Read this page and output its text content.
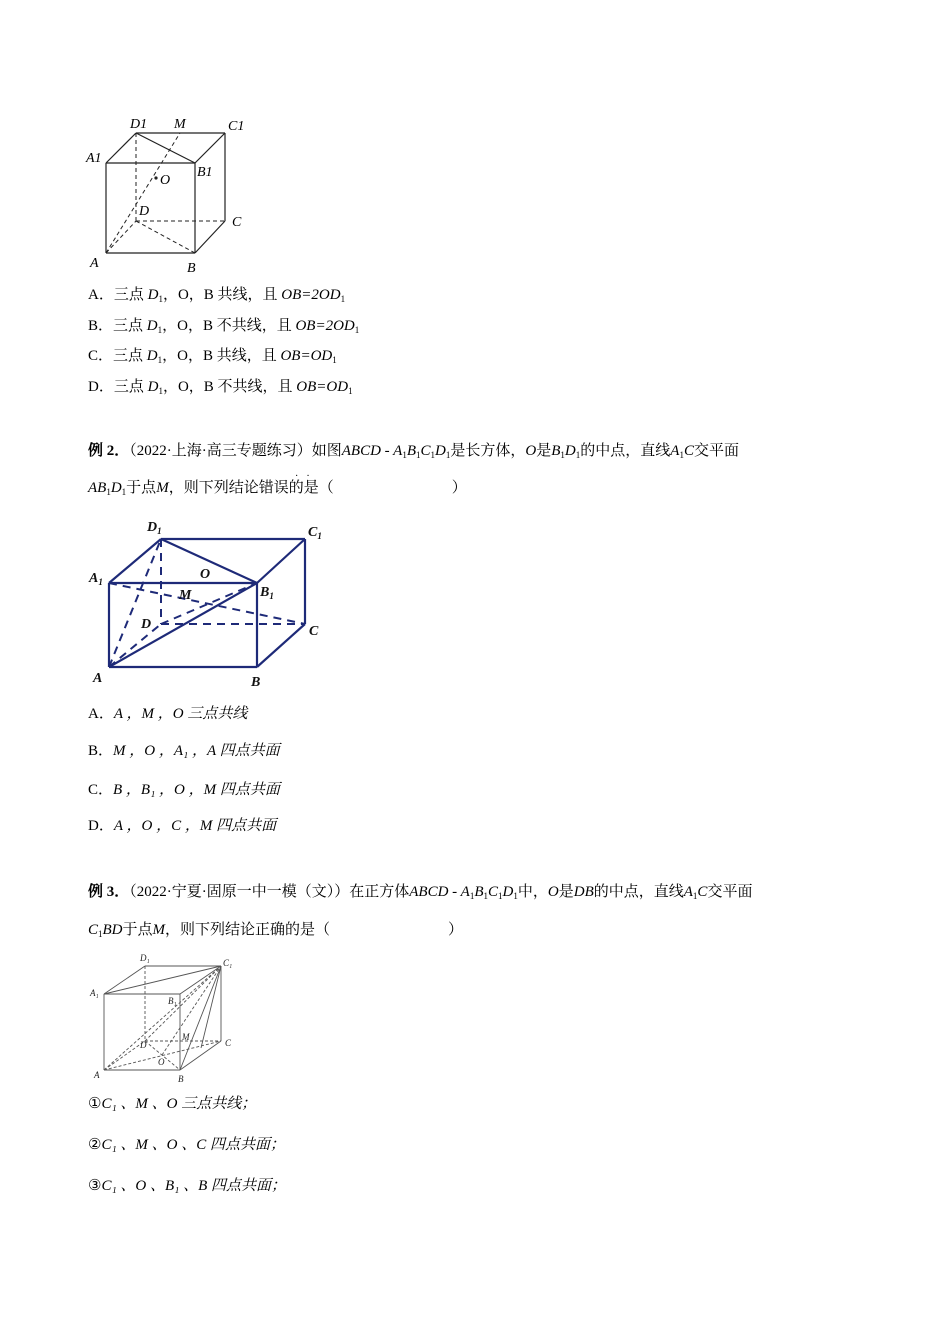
D1 M	C1
A1
B1
O
D
C
A	B
A．三点 $D_1$，O，B 共线，且 $OB=2OD_1$
B．三点 $D_1$，O，B 不共线，且 $OB=2OD_1$
C．三点 $D_1$，O，B 共线，且 $OB=OD_1$
D．三点 $D_1$，O，B 不共线，且 $OB=OD_1$
例 2．（2022·上海·高三专题练习）如图ABCD - $A_1B_1C_1D_1$是长方体，O是$B_1D_1$的中点，直线$A_1C$交平面
$AB_1D_1$于点M，则下列结论错误的是（	）
··
$D_1$	$C_1$
$A_1$
$B_1$
O
M
D	C
A	B
A．A ，M ，O 三点共线
B．M ，O ，A₁ ，A 四点共面
C．B ，B₁ ，O ，M 四点共面
D．A ，O ，C ，M 四点共面
例 3．（2022·宁夏·固原一中一模（文））在正方体ABCD - $A_1B_1C_1D_1$中，O是DB的中点，直线$A_1C$交平面
$C_1BD$于点M，则下列结论正确的是（	）
D₁	C₁
A₁
B₁
M
C
D
O
A	B
①C₁ 、M 、O 三点共线；
②C₁ 、M 、O 、C 四点共面；
③C₁ 、O 、B₁ 、B 四点共面；
